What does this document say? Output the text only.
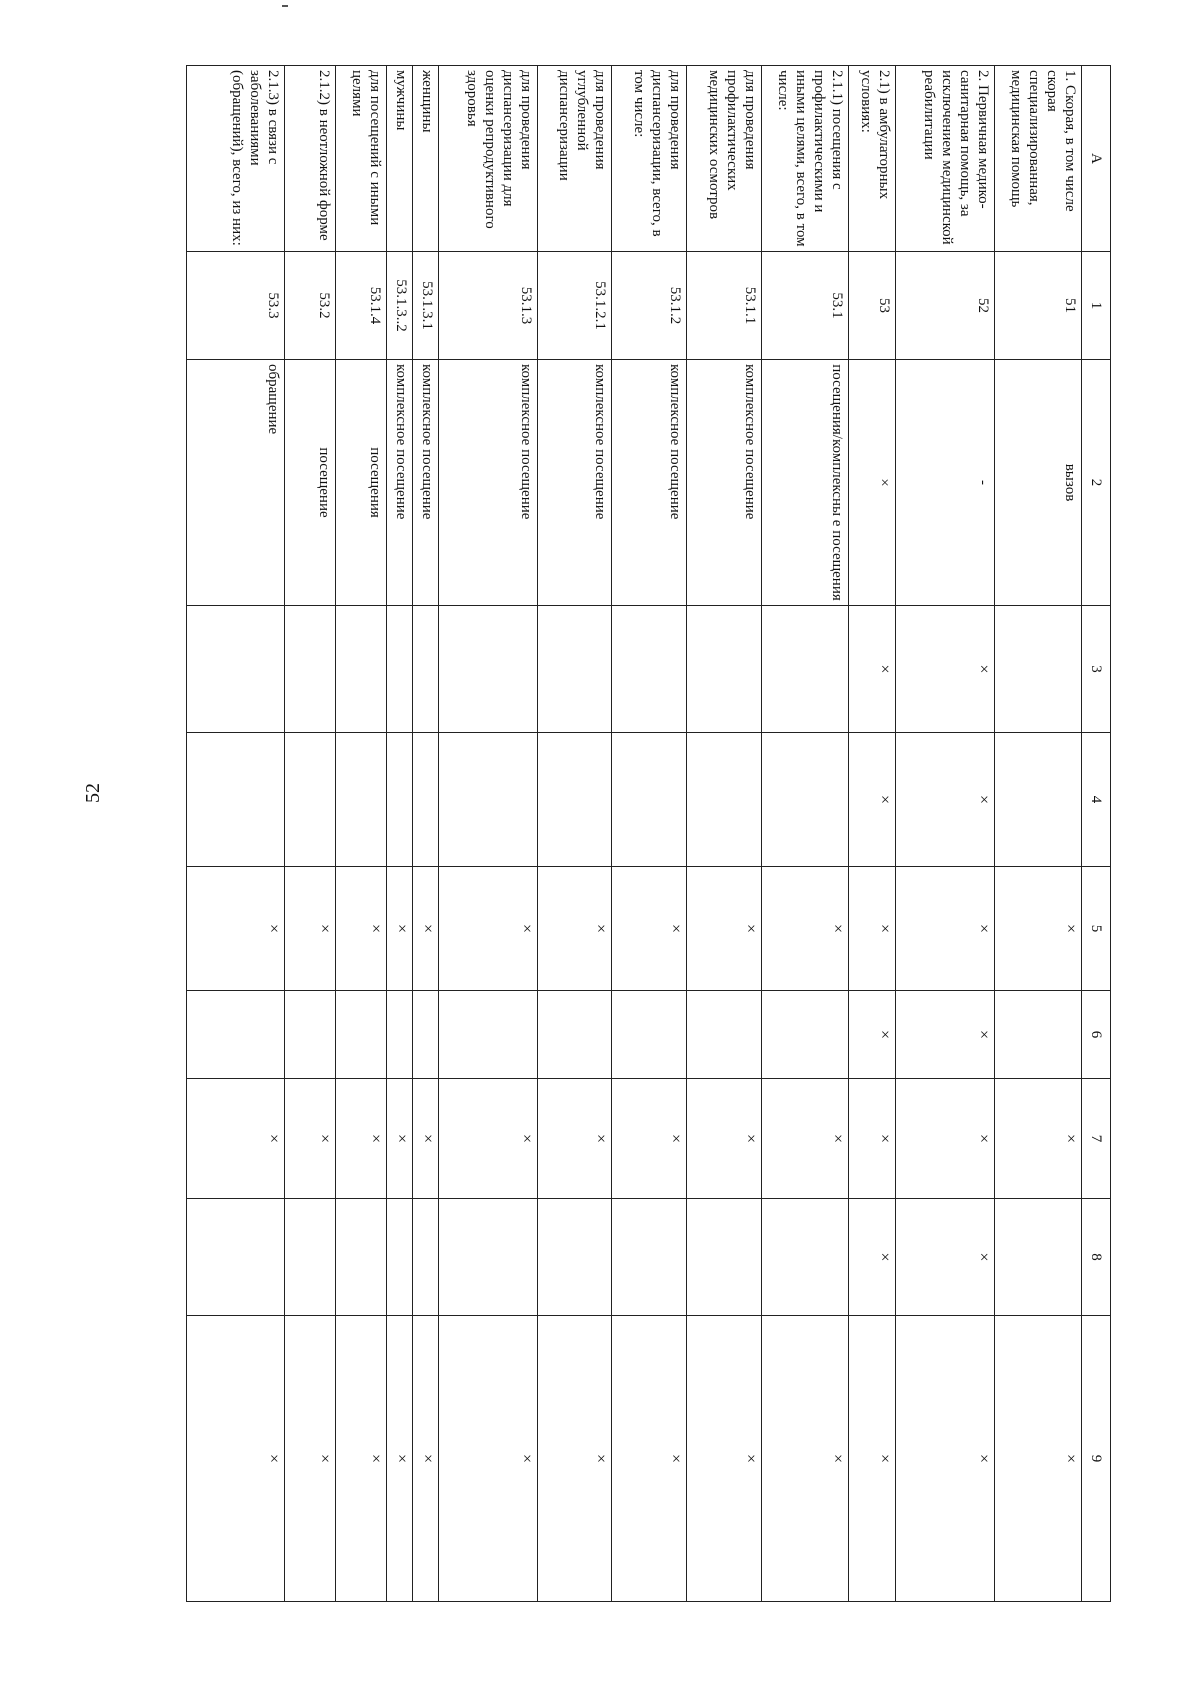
52
A	1	2	3	4	5	6	7	8	9
1. Скорая, в том числе скорая специализированная, медицинская помощь	51	вызов			×		×		×
2. Первичная медико-санитарная помощь, за исключением медицинской реабилитации	52	-	×	×	×	×	×	×	×
2.1) в амбулаторных условиях:	53	×	×	×	×	×	×	×	×
2.1.1) посещения с профилактическими и иными целями, всего, в том числе:	53.1	посещения/комплексны е посещения			×		×		×
для проведения профилактических медицинских осмотров	53.1.1	комплексное посещение			×		×		×
для проведения диспансеризации, всего, в том числе:	53.1.2	комплексное посещение			×		×		×
для проведения углубленной диспансеризации	53.1.2.1	комплексное посещение			×		×		×
для проведения диспансеризации для оценки репродуктивного здоровья	53.1.3	комплексное посещение			×		×		×
женщины	53.1.3.1	комплексное посещение			×		×		×
мужчины	53.1.3..2	комплексное посещение			×		×		×
для посещений с иными целями	53.1.4	посещения			×		×		×
2.1.2) в неотложной форме	53.2	посещение			×		×		×
2.1.3) в связи с заболеваниями (обращений), всего, из них:	53.3	обращение			×		×		×
